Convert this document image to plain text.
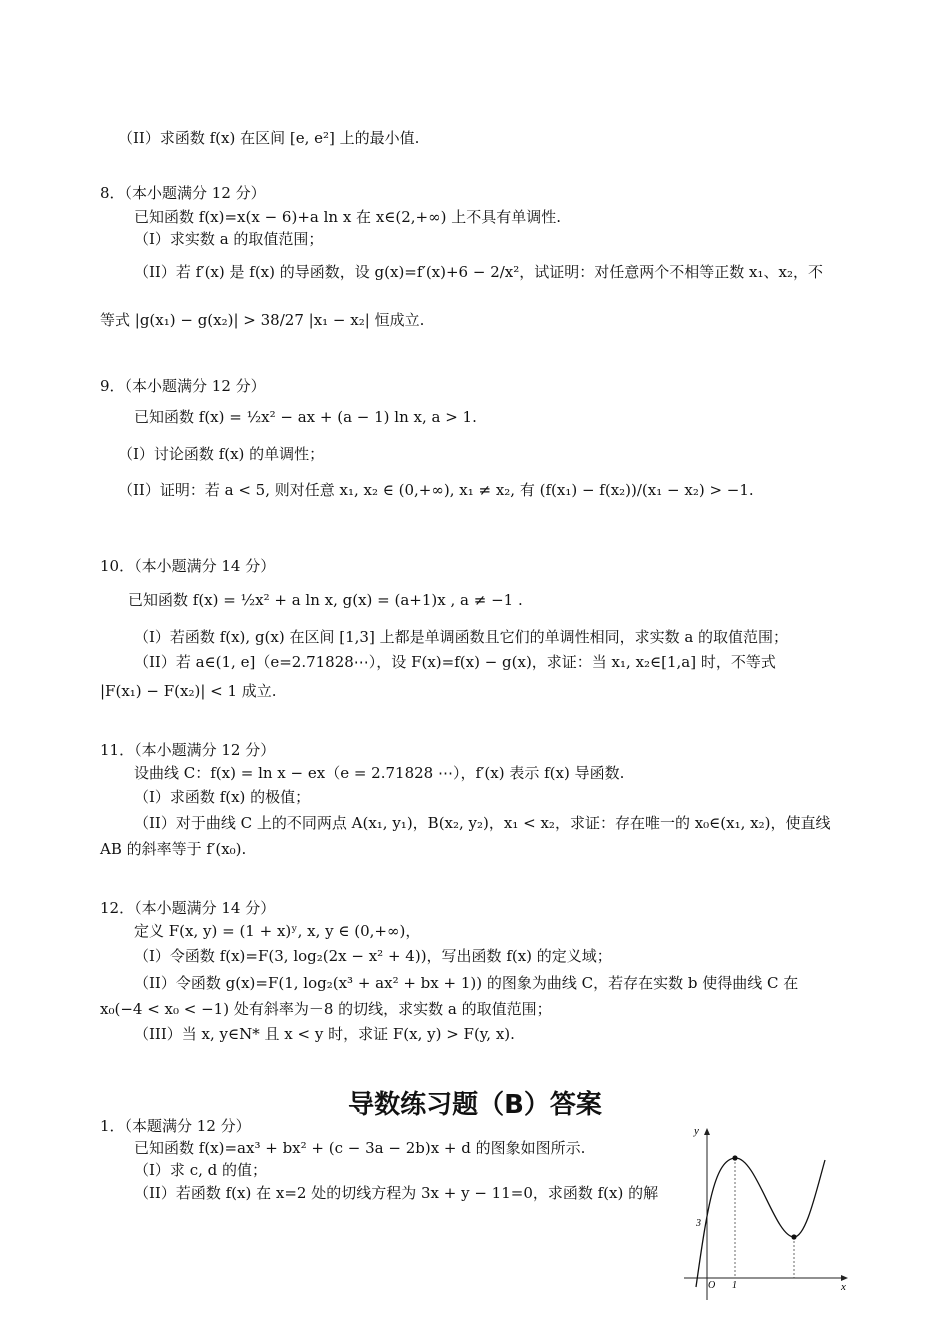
（II）求函数 f(x) 在区间 [e, e²] 上的最小值.
8．（本小题满分 12 分）
已知函数 f(x)=x(x − 6)+a ln x 在 x∈(2,+∞) 上不具有单调性.
（I）求实数 a 的取值范围；
（II）若 f′(x) 是 f(x) 的导函数，设 g(x)=f′(x)+6 − 2/x²，试证明：对任意两个不相等正数 x₁、x₂，不
等式 |g(x₁) − g(x₂)| > 38/27 |x₁ − x₂| 恒成立.
9．（本小题满分 12 分）
已知函数 f(x) = ½x² − ax + (a − 1) ln x, a > 1.
（I）讨论函数 f(x) 的单调性；
（II）证明：若 a < 5, 则对任意 x₁, x₂ ∈ (0,+∞), x₁ ≠ x₂, 有 (f(x₁) − f(x₂))/(x₁ − x₂) > −1.
10．（本小题满分 14 分）
已知函数 f(x) = ½x² + a ln x, g(x) = (a+1)x , a ≠ −1 .
（I）若函数 f(x), g(x) 在区间 [1,3] 上都是单调函数且它们的单调性相同，求实数 a 的取值范围；
（II）若 a∈(1, e]（e=2.71828⋯），设 F(x)=f(x) − g(x)，求证：当 x₁, x₂∈[1,a] 时，不等式
|F(x₁) − F(x₂)| < 1 成立.
11．（本小题满分 12 分）
设曲线 C：f(x) = ln x − ex（e = 2.71828 ⋯），f′(x) 表示 f(x) 导函数.
（I）求函数 f(x) 的极值；
（II）对于曲线 C 上的不同两点 A(x₁, y₁)，B(x₂, y₂)，x₁ < x₂，求证：存在唯一的 x₀∈(x₁, x₂)，使直线
AB 的斜率等于 f′(x₀).
12．（本小题满分 14 分）
定义 F(x, y) = (1 + x)ʸ, x, y ∈ (0,+∞)，
（I）令函数 f(x)=F(3, log₂(2x − x² + 4))，写出函数 f(x) 的定义域；
（II）令函数 g(x)=F(1, log₂(x³ + ax² + bx + 1)) 的图象为曲线 C，若存在实数 b 使得曲线 C 在
x₀(−4 < x₀ < −1) 处有斜率为－8 的切线，求实数 a 的取值范围；
（III）当 x, y∈N* 且 x < y 时，求证 F(x, y) > F(y, x).
导数练习题（B）答案
1．（本题满分 12 分）
已知函数 f(x)=ax³ + bx² + (c − 3a − 2b)x + d 的图象如图所示.
（I）求 c, d 的值；
（II）若函数 f(x) 在 x=2 处的切线方程为 3x + y − 11=0，求函数 f(x) 的解
y
x
O 1
3
